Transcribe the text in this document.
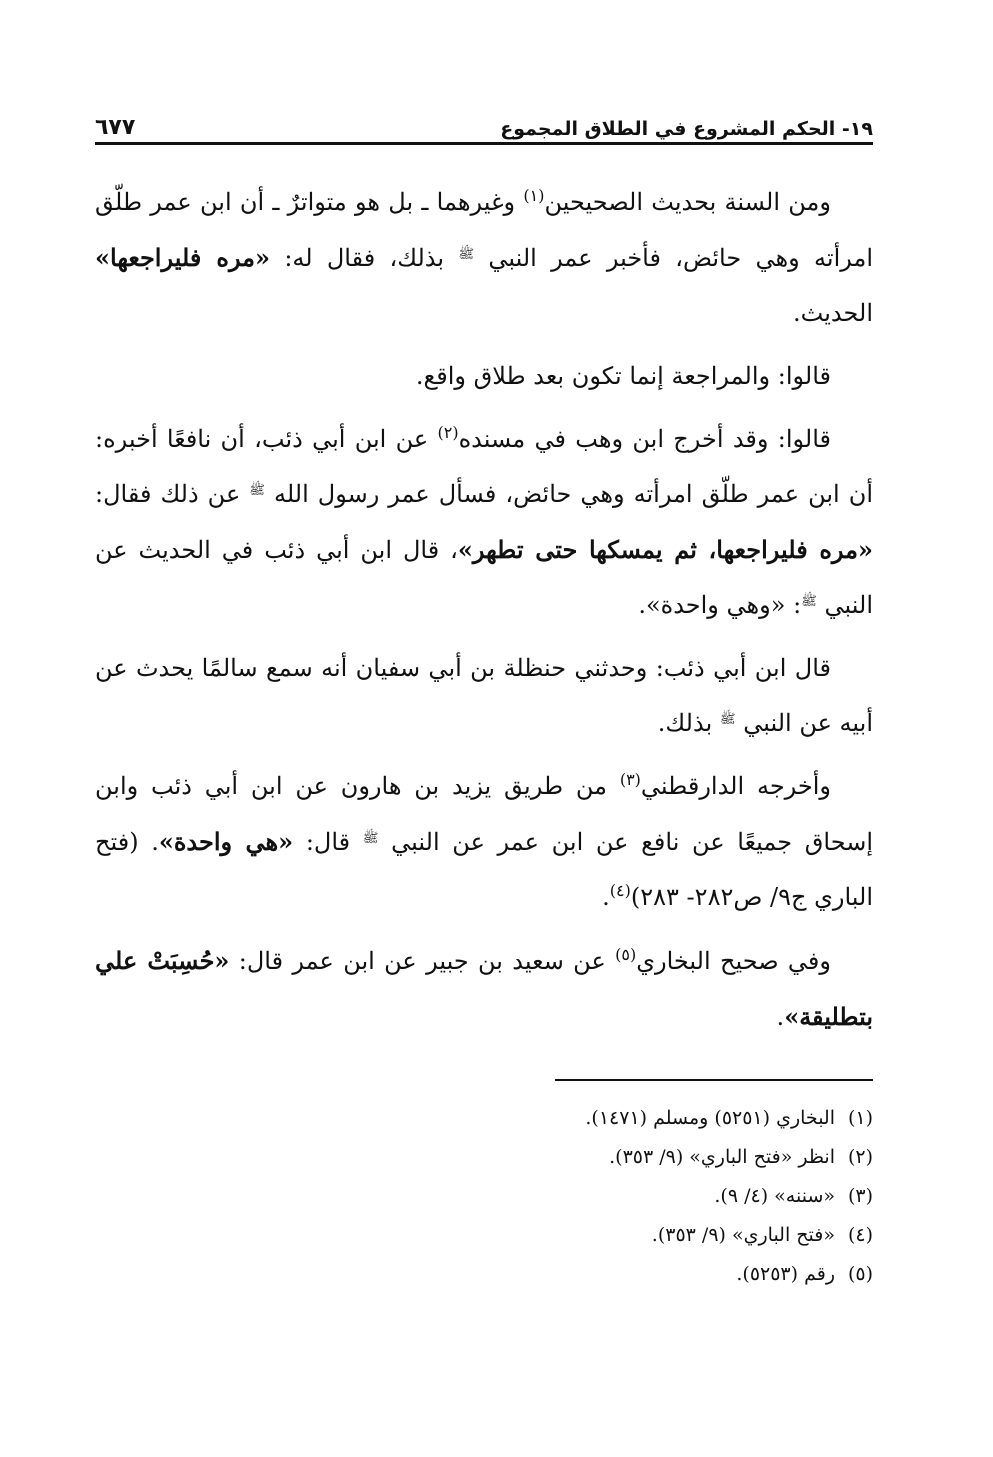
١٩- الحكم المشروع في الطلاق المجموع
٦٧٧

ومن السنة بحديث الصحيحين$^{(١)}$ وغيرهما ـ بل هو متواترٌ ـ أن ابن عمر طلّق امرأته وهي حائض، فأخبر عمر النبي $^ﷺ$ بذلك، فقال له: «مره فليراجعها» الحديث.

قالوا: والمراجعة إنما تكون بعد طلاق واقع.

قالوا: وقد أخرج ابن وهب في مسنده$^{(٢)}$ عن ابن أبي ذئب، أن نافعًا أخبره: أن ابن عمر طلّق امرأته وهي حائض، فسأل عمر رسول الله $^ﷺ$ عن ذلك فقال: «مره فليراجعها، ثم يمسكها حتى تطهر»، قال ابن أبي ذئب في الحديث عن النبي $^ﷺ$: «وهي واحدة».

قال ابن أبي ذئب: وحدثني حنظلة بن أبي سفيان أنه سمع سالمًا يحدث عن أبيه عن النبي $^ﷺ$ بذلك.

وأخرجه الدارقطني$^{(٣)}$ من طريق يزيد بن هارون عن ابن أبي ذئب وابن إسحاق جميعًا عن نافع عن ابن عمر عن النبي $^ﷺ$ قال: «هي واحدة». (فتح الباري ج٩/ ص٢٨٢- ٢٨٣)$^{(٤)}$.

وفي صحيح البخاري$^{(٥)}$ عن سعيد بن جبير عن ابن عمر قال: «حُسِبَتْ علي بتطليقة».

(١)البخاري (٥٢٥١) ومسلم (١٤٧١).
(٢)انظر «فتح الباري» (٩/ ٣٥٣).
(٣)«سننه» (٤/ ٩).
(٤)«فتح الباري» (٩/ ٣٥٣).
(٥)رقم (٥٢٥٣).
